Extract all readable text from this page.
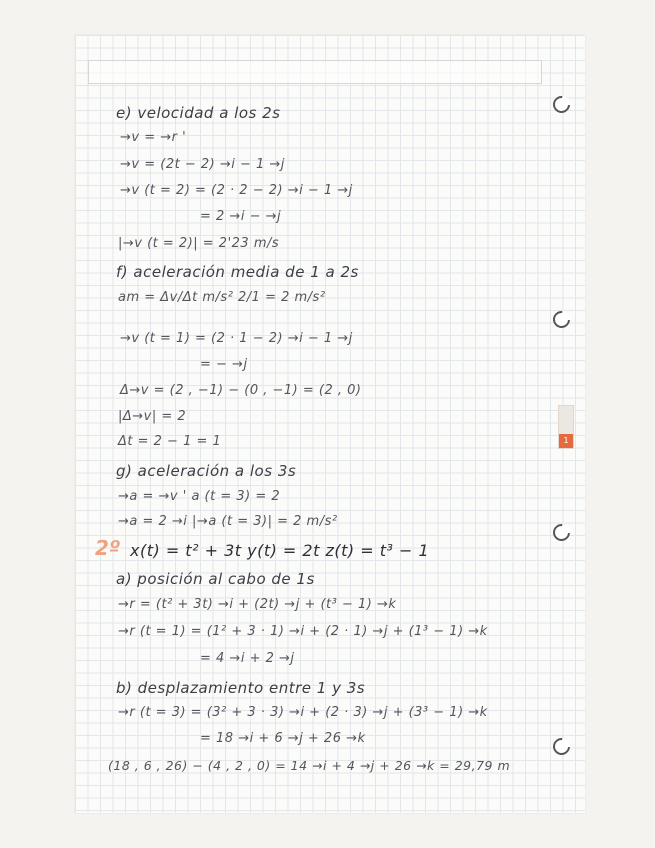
1
2º
e) velocidad a los 2s
→v = →r '
→v = (2t − 2) →i − 1 →j
→v (t = 2) = (2 · 2 − 2) →i − 1 →j
= 2 →i − →j
|→v (t = 2)| = 2'23 m/s
f) aceleración media de 1 a 2s
am = Δv/Δt m/s² 2/1 = 2 m/s²
→v (t = 1) = (2 · 1 − 2) →i − 1 →j
= − →j
Δ→v = (2 , −1) − (0 , −1) = (2 , 0)
|Δ→v| = 2
Δt = 2 − 1 = 1
g) aceleración a los 3s
→a = →v ' a (t = 3) = 2
→a = 2 →i |→a (t = 3)| = 2 m/s²
x(t) = t² + 3t y(t) = 2t z(t) = t³ − 1
a) posición al cabo de 1s
→r = (t² + 3t) →i + (2t) →j + (t³ − 1) →k
→r (t = 1) = (1² + 3 · 1) →i + (2 · 1) →j + (1³ − 1) →k
= 4 →i + 2 →j
b) desplazamiento entre 1 y 3s
→r (t = 3) = (3² + 3 · 3) →i + (2 · 3) →j + (3³ − 1) →k
= 18 →i + 6 →j + 26 →k
(18 , 6 , 26) − (4 , 2 , 0) = 14 →i + 4 →j + 26 →k = 29,79 m
